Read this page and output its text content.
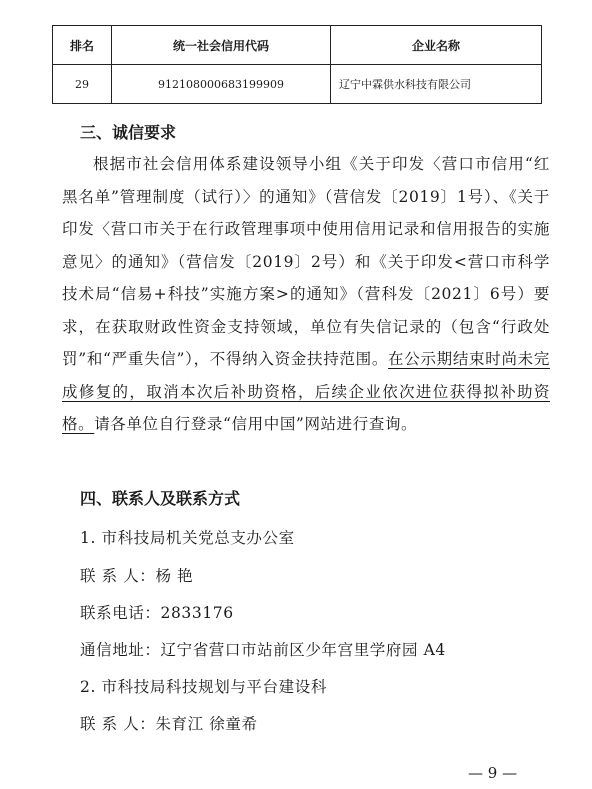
排名	统一社会信用代码	企业名称
29	912108000683199909	辽宁中霖供水科技有限公司
三、诚信要求

根据市社会信用体系建设领导小组《关于印发〈营口市信用“红黑名单”管理制度（试行）〉的通知》（营信发〔2019〕1号）、《关于印发〈营口市关于在行政管理事项中使用信用记录和信用报告的实施意见〉的通知》（营信发〔2019〕2号）和《关于印发<营口市科学技术局“信易+科技”实施方案>的通知》（营科发〔2021〕6号）要求，在获取财政性资金支持领域，单位有失信记录的（包含“行政处罚”和“严重失信”），不得纳入资金扶持范围。在公示期结束时尚未完成修复的，取消本次后补助资格，后续企业依次进位获得拟补助资格。请各单位自行登录“信用中国”网站进行查询。

四、联系人及联系方式
1. 市科技局机关党总支办公室
联 系 人：杨 艳
联系电话：2833176
通信地址：辽宁省营口市站前区少年宫里学府园 A4
2. 市科技局科技规划与平台建设科
联 系 人：朱育江 徐童希
— 9 —
